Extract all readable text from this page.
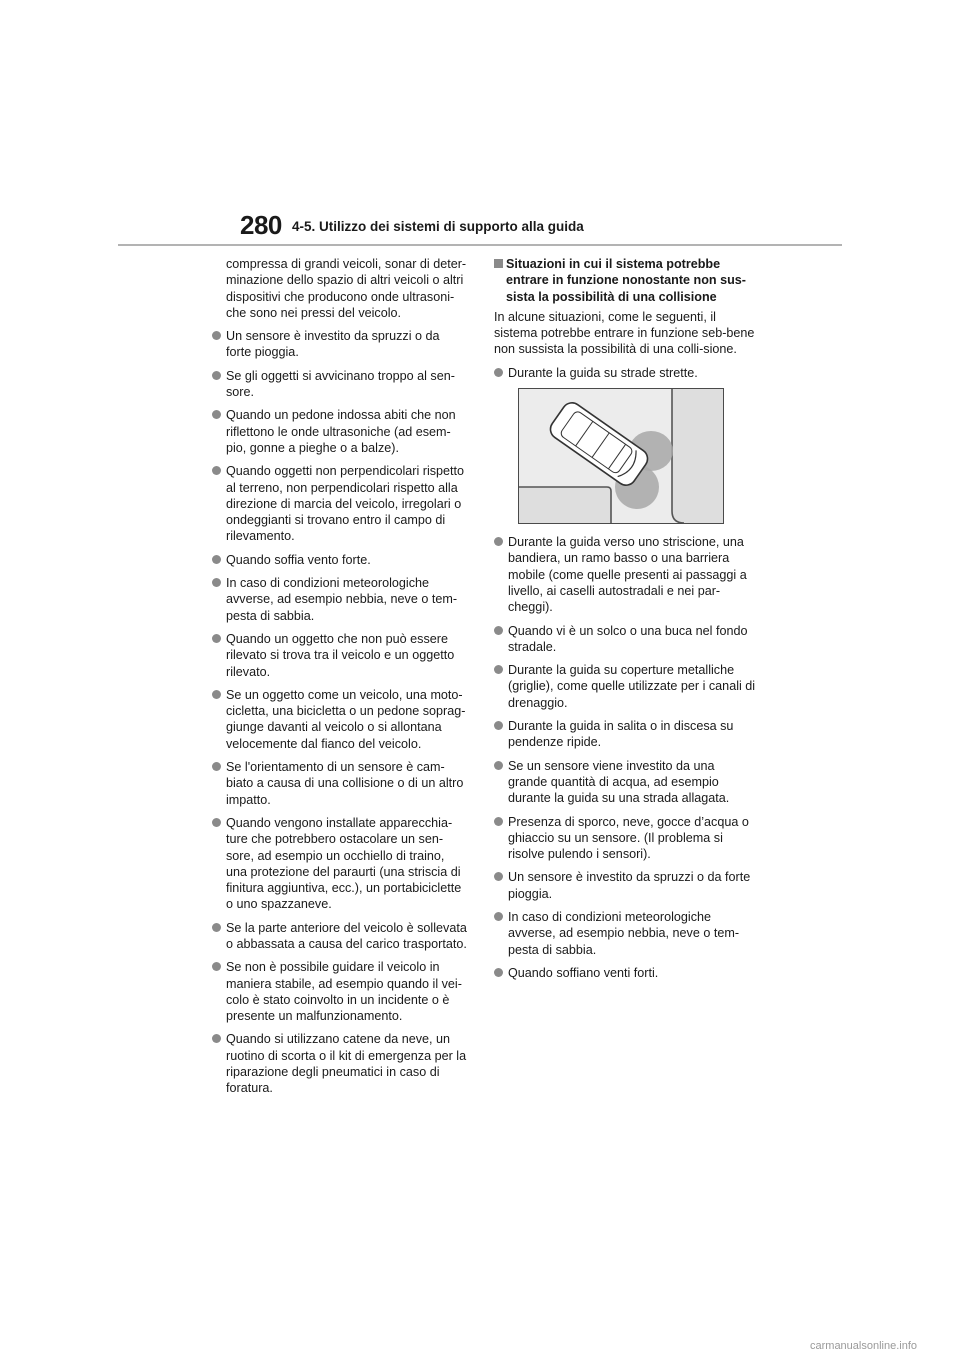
280 4-5. Utilizzo dei sistemi di supporto alla guida

compressa di grandi veicoli, sonar di deter-minazione dello spazio di altri veicoli o altri dispositivi che producono onde ultrasoni-che sono nei pressi del veicolo.

Un sensore è investito da spruzzi o da forte pioggia.
Se gli oggetti si avvicinano troppo al sen-sore.
Quando un pedone indossa abiti che non riflettono le onde ultrasoniche (ad esem-pio, gonne a pieghe o a balze).
Quando oggetti non perpendicolari rispetto al terreno, non perpendicolari rispetto alla direzione di marcia del veicolo, irregolari o ondeggianti si trovano entro il campo di rilevamento.
Quando soffia vento forte.
In caso di condizioni meteorologiche avverse, ad esempio nebbia, neve o tem-pesta di sabbia.
Quando un oggetto che non può essere rilevato si trova tra il veicolo e un oggetto rilevato.
Se un oggetto come un veicolo, una moto-cicletta, una bicicletta o un pedone soprag-giunge davanti al veicolo o si allontana velocemente dal fianco del veicolo.
Se l'orientamento di un sensore è cam-biato a causa di una collisione o di un altro impatto.
Quando vengono installate apparecchia-ture che potrebbero ostacolare un sen-sore, ad esempio un occhiello di traino, una protezione del paraurti (una striscia di finitura aggiuntiva, ecc.), un portabiciclette o uno spazzaneve.
Se la parte anteriore del veicolo è sollevata o abbassata a causa del carico trasportato.
Se non è possibile guidare il veicolo in maniera stabile, ad esempio quando il vei-colo è stato coinvolto in un incidente o è presente un malfunzionamento.
Quando si utilizzano catene da neve, un ruotino di scorta o il kit di emergenza per la riparazione degli pneumatici in caso di foratura.
Situazioni in cui il sistema potrebbe entrare in funzione nonostante non sus-sista la possibilità di una collisione

In alcune situazioni, come le seguenti, il sistema potrebbe entrare in funzione seb-bene non sussista la possibilità di una colli-sione.

Durante la guida su strade strette.
Durante la guida verso uno striscione, una bandiera, un ramo basso o una barriera mobile (come quelle presenti ai passaggi a livello, ai caselli autostradali e nei par-cheggi).
Quando vi è un solco o una buca nel fondo stradale.
Durante la guida su coperture metalliche (griglie), come quelle utilizzate per i canali di drenaggio.
Durante la guida in salita o in discesa su pendenze ripide.
Se un sensore viene investito da una grande quantità di acqua, ad esempio durante la guida su una strada allagata.
Presenza di sporco, neve, gocce d’acqua o ghiaccio su un sensore. (Il problema si risolve pulendo i sensori).
Un sensore è investito da spruzzi o da forte pioggia.
In caso di condizioni meteorologiche avverse, ad esempio nebbia, neve o tem-pesta di sabbia.
Quando soffiano venti forti.
carmanualsonline.info
